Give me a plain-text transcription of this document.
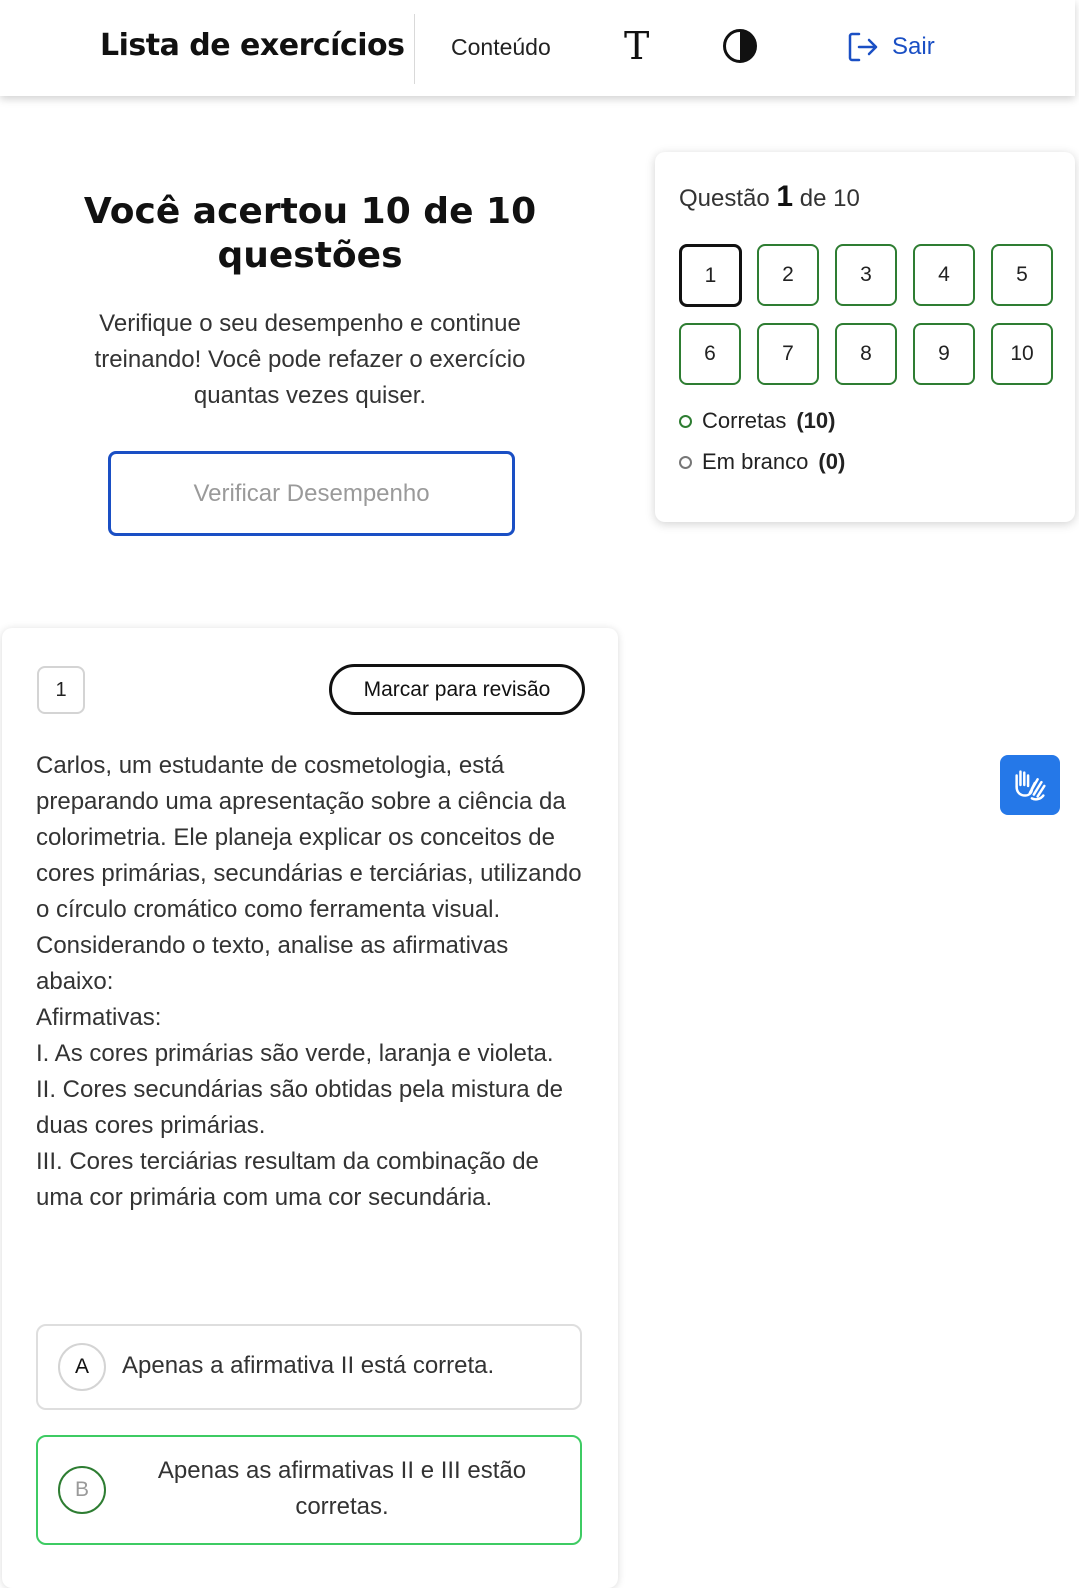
Lista de exercícios Conteúdo T	Sair
Você acertou 10 de 10 questões
Verifique o seu desempenho e continue treinando! Você pode refazer o exercício quantas vezes quiser.
Verificar Desempenho
Questão 1 de 10
1	2	3	4	5
6	7	8	9	10
Corretas (10)
Em branco (0)
1	Marcar para revisão

Carlos, um estudante de cosmetologia, está preparando uma apresentação sobre a ciência da colorimetria. Ele planeja explicar os conceitos de cores primárias, secundárias e terciárias, utilizando o círculo cromático como ferramenta visual.

Considerando o texto, analise as afirmativas abaixo:

Afirmativas:

I. As cores primárias são verde, laranja e violeta.

II. Cores secundárias são obtidas pela mistura de duas cores primárias.

III. Cores terciárias resultam da combinação de uma cor primária com uma cor secundária.

A	Apenas a afirmativa II está correta.
B
Apenas as afirmativas II e III estão corretas.
